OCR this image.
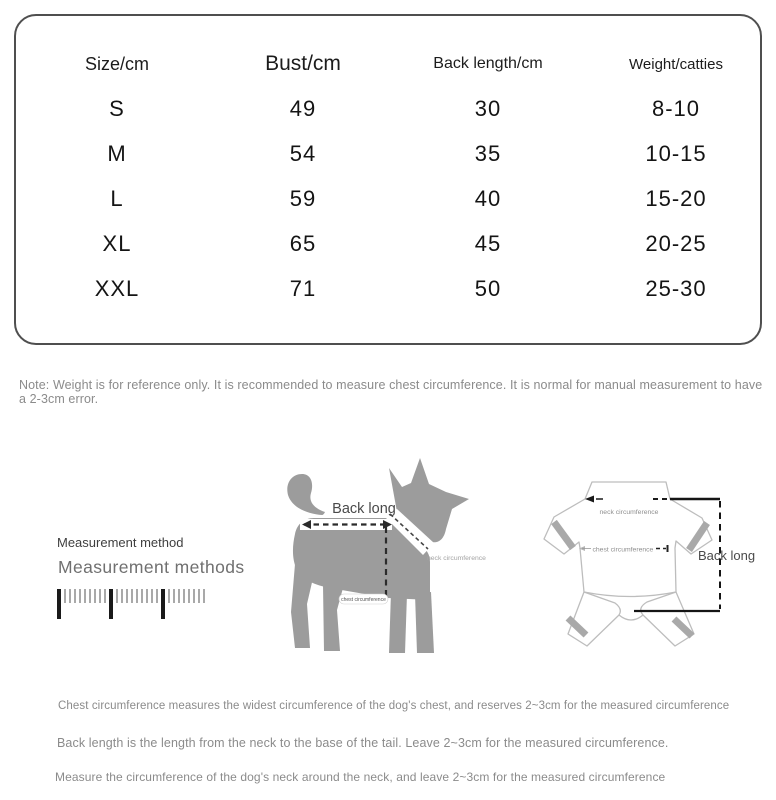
Size/cm	Bust/cm	Back length/cm	Weight/catties
S	49	30	8-10
M	54	35	10-15
L	59	40	15-20
XL	65	45	20-25
XXL	71	50	25-30
Note: Weight is for reference only. It is recommended to measure chest circumference. It is normal for manual measurement to have a 2-3cm error.
Measurement method
Measurement methods
chest circumference
Back long
neck circumference
neck circumference
chest circumference	Back long
Chest circumference measures the widest circumference of the dog's chest, and reserves 2~3cm for the measured circumference
Back length is the length from the neck to the base of the tail. Leave 2~3cm for the measured circumference.
Measure the circumference of the dog's neck around the neck, and leave 2~3cm for the measured circumference
